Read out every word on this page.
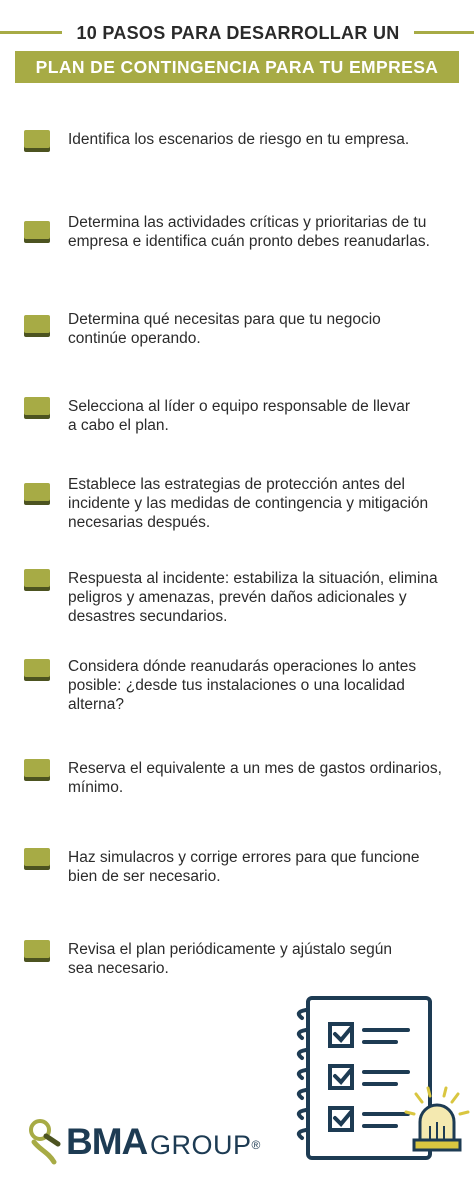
10 PASOS PARA DESARROLLAR UN
PLAN DE CONTINGENCIA PARA TU EMPRESA
Identifica los escenarios de riesgo en tu empresa.
Determina las actividades críticas y prioritarias de tu
empresa e identifica cuán pronto debes reanudarlas.
Determina qué necesitas para que tu negocio
continúe operando.
Selecciona al líder o equipo responsable de llevar
a cabo el plan.
Establece las estrategias de protección antes del
incidente y las medidas de contingencia y mitigación
necesarias después.
Respuesta al incidente: estabiliza la situación, elimina
peligros y amenazas, prevén daños adicionales y
desastres secundarios.
Considera dónde reanudarás operaciones lo antes
posible: ¿desde tus instalaciones o una localidad
alterna?
Reserva el equivalente a un mes de gastos ordinarios,
mínimo.
Haz simulacros y corrige errores para que funcione
bien de ser necesario.
Revisa el plan periódicamente y ajústalo según
sea necesario.
BMA GROUP®
